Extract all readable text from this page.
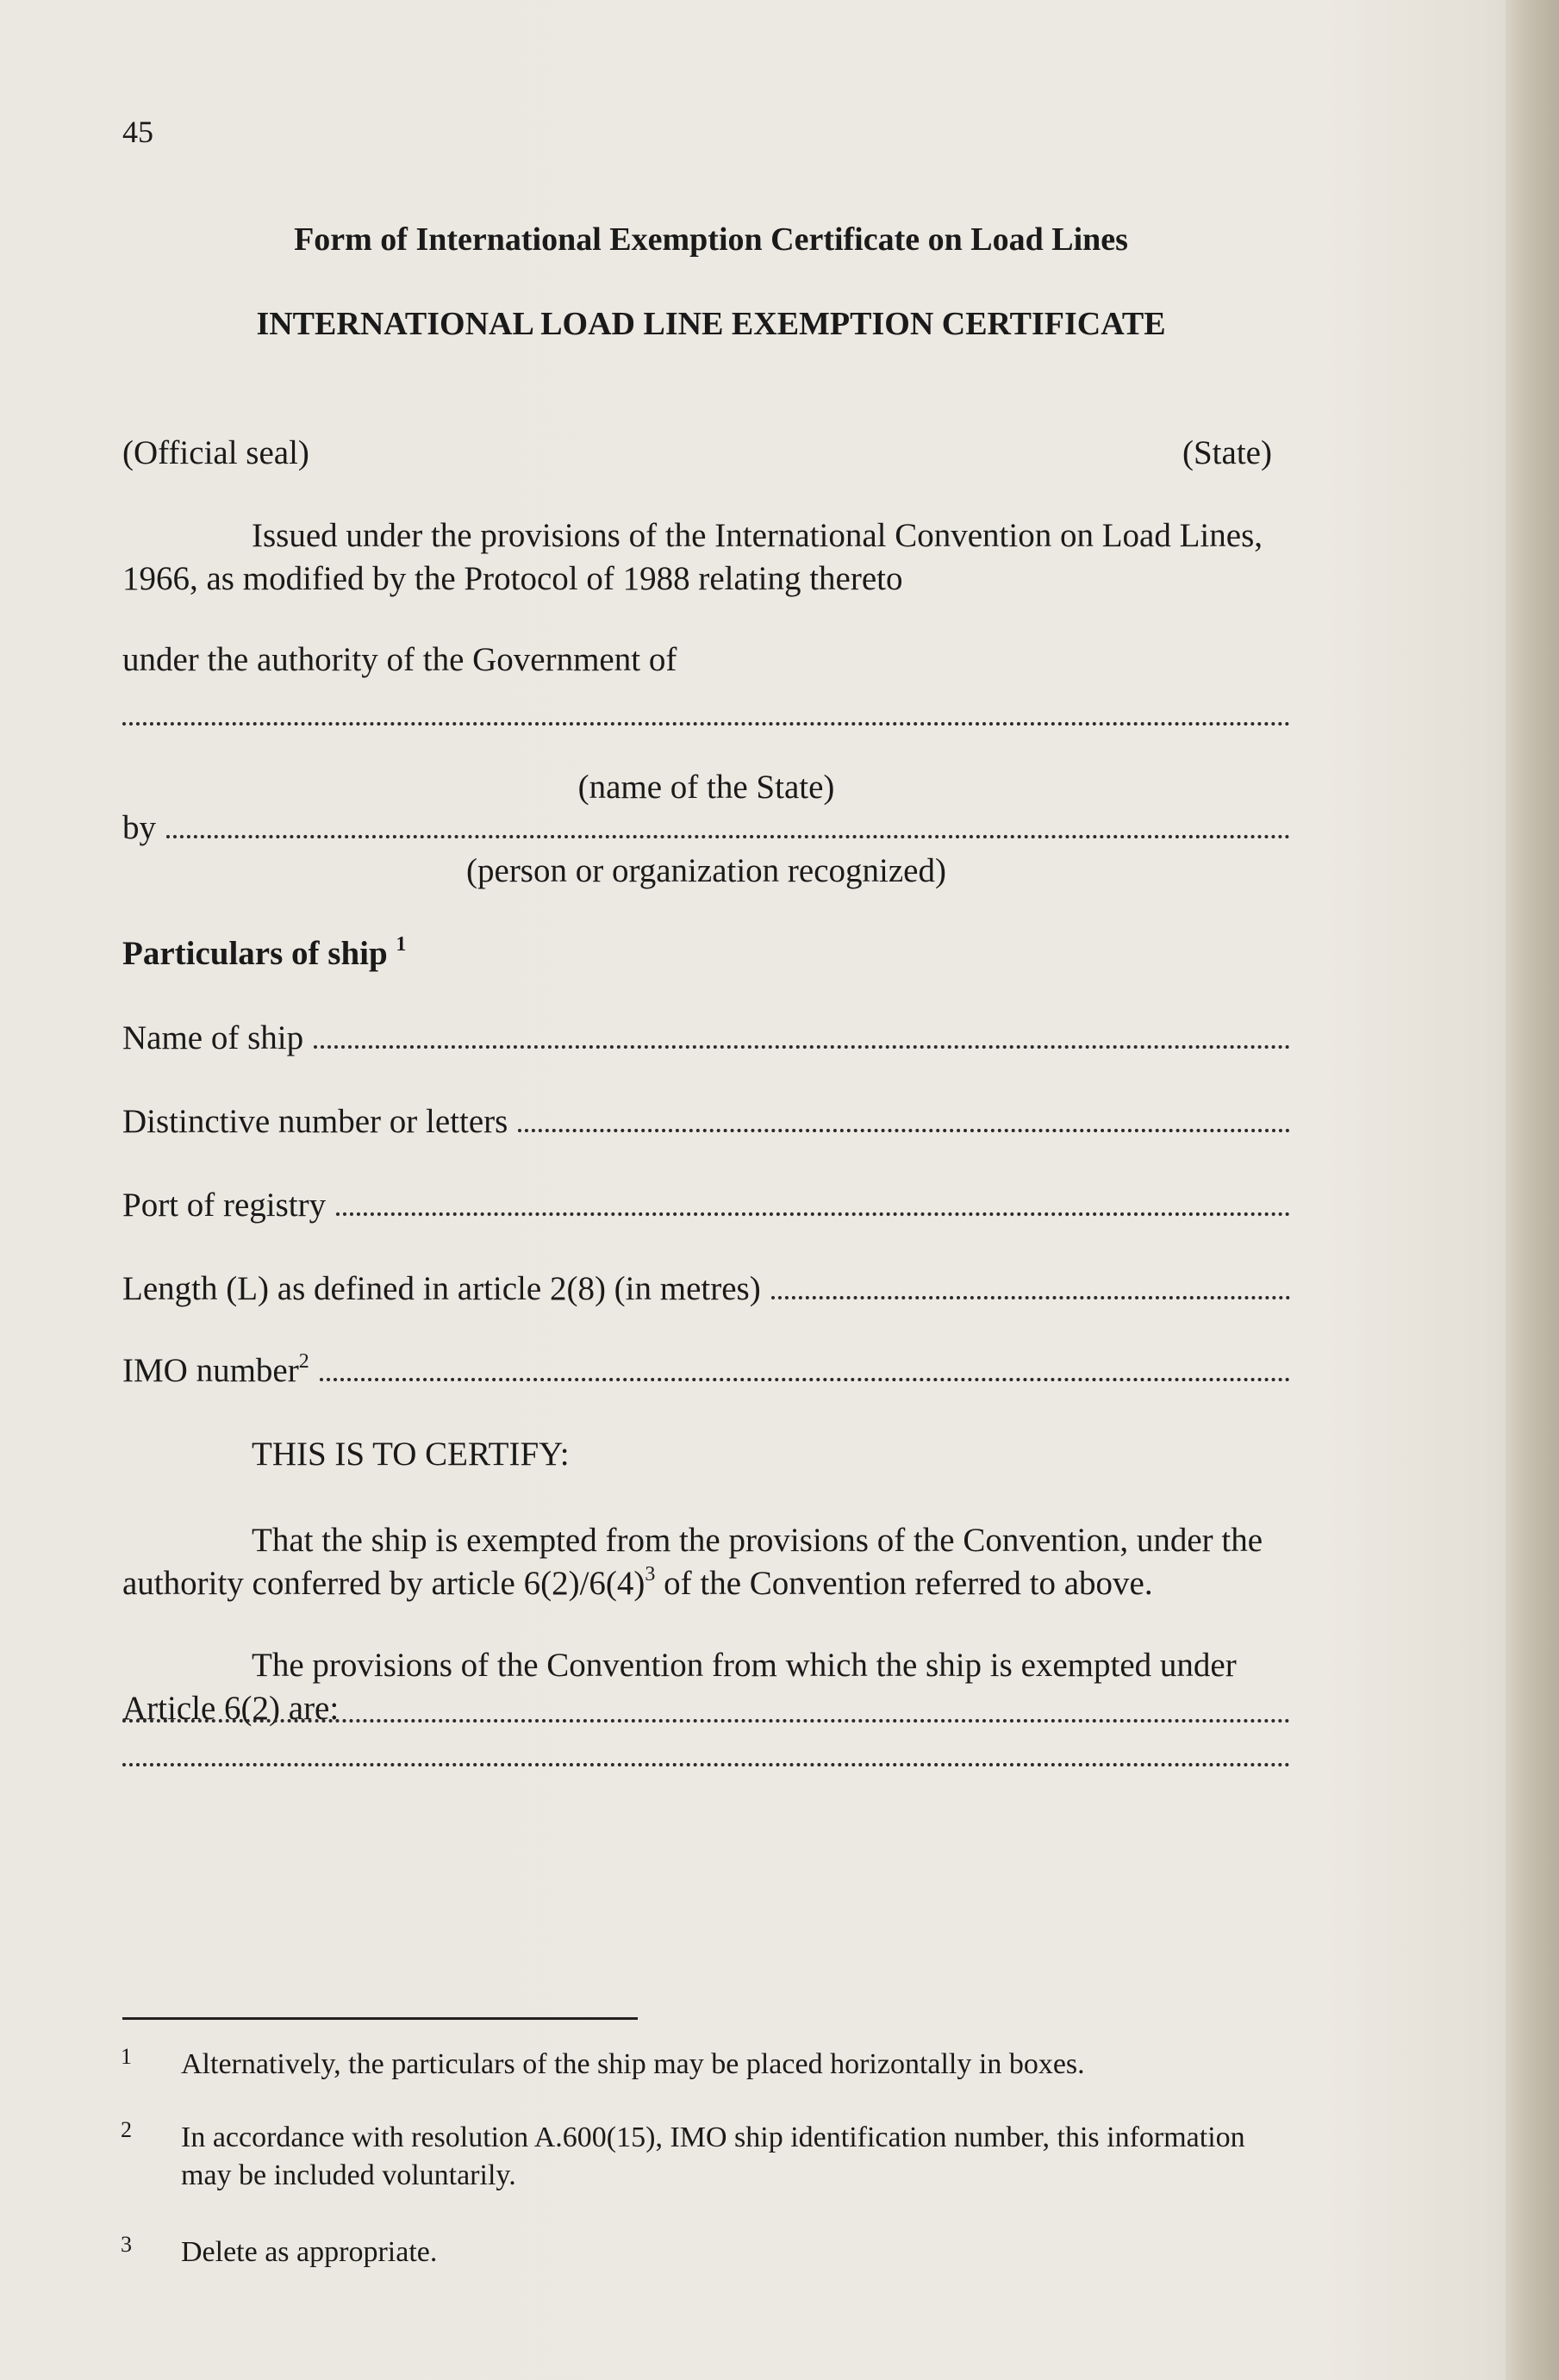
45
Form of International Exemption Certificate on Load Lines
INTERNATIONAL LOAD LINE EXEMPTION CERTIFICATE
(Official seal)	(State)
Issued under the provisions of the International Convention on Load Lines, 1966, as modified by the Protocol of 1988 relating thereto
under the authority of the Government of
(name of the State)
by
(person or organization recognized)
Particulars of ship $^1$
Name of ship
Distinctive number or letters
Port of registry
Length (L) as defined in article 2(8) (in metres)
IMO number$^2$
THIS IS TO CERTIFY:
That the ship is exempted from the provisions of the Convention, under the authority conferred by article $6(2)/6(4)^3$ of the Convention referred to above.
The provisions of the Convention from which the ship is exempted under Article 6(2) are:
1 Alternatively, the particulars of the ship may be placed horizontally in boxes.
2 In accordance with resolution A.600(15), IMO ship identification number, this information may be included voluntarily.
3 Delete as appropriate.
